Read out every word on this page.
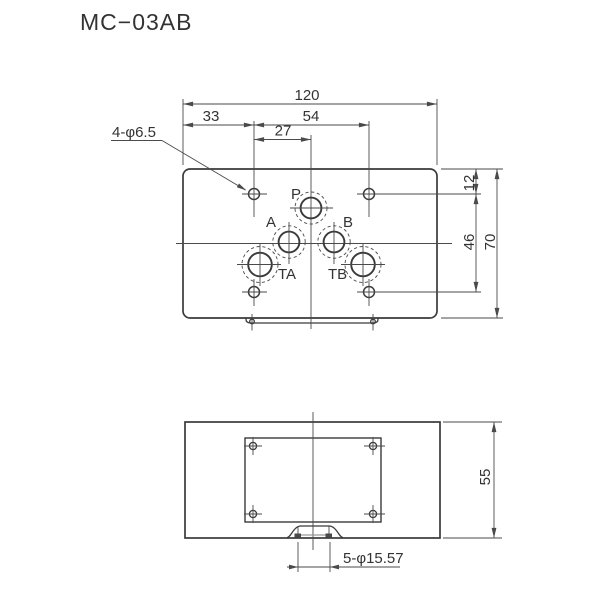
MC−03AB
P
A	B
TA TB
120
33	54
27
12
46 70
4-φ6.5
55
5-φ15.57
